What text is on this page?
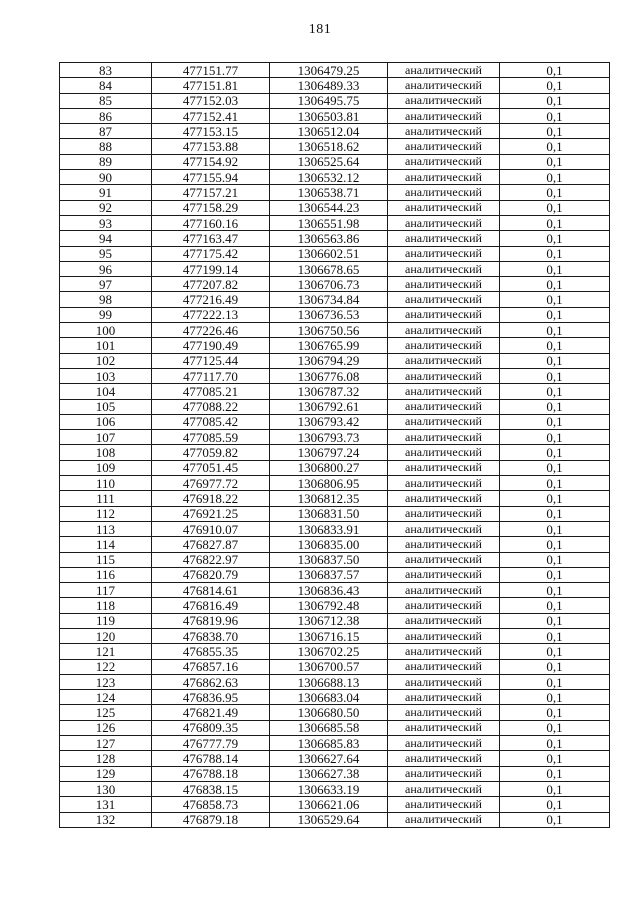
181
83	477151.77	1306479.25	аналитический	0,1
84	477151.81	1306489.33	аналитический	0,1
85	477152.03	1306495.75	аналитический	0,1
86	477152.41	1306503.81	аналитический	0,1
87	477153.15	1306512.04	аналитический	0,1
88	477153.88	1306518.62	аналитический	0,1
89	477154.92	1306525.64	аналитический	0,1
90	477155.94	1306532.12	аналитический	0,1
91	477157.21	1306538.71	аналитический	0,1
92	477158.29	1306544.23	аналитический	0,1
93	477160.16	1306551.98	аналитический	0,1
94	477163.47	1306563.86	аналитический	0,1
95	477175.42	1306602.51	аналитический	0,1
96	477199.14	1306678.65	аналитический	0,1
97	477207.82	1306706.73	аналитический	0,1
98	477216.49	1306734.84	аналитический	0,1
99	477222.13	1306736.53	аналитический	0,1
100	477226.46	1306750.56	аналитический	0,1
101	477190.49	1306765.99	аналитический	0,1
102	477125.44	1306794.29	аналитический	0,1
103	477117.70	1306776.08	аналитический	0,1
104	477085.21	1306787.32	аналитический	0,1
105	477088.22	1306792.61	аналитический	0,1
106	477085.42	1306793.42	аналитический	0,1
107	477085.59	1306793.73	аналитический	0,1
108	477059.82	1306797.24	аналитический	0,1
109	477051.45	1306800.27	аналитический	0,1
110	476977.72	1306806.95	аналитический	0,1
111	476918.22	1306812.35	аналитический	0,1
112	476921.25	1306831.50	аналитический	0,1
113	476910.07	1306833.91	аналитический	0,1
114	476827.87	1306835.00	аналитический	0,1
115	476822.97	1306837.50	аналитический	0,1
116	476820.79	1306837.57	аналитический	0,1
117	476814.61	1306836.43	аналитический	0,1
118	476816.49	1306792.48	аналитический	0,1
119	476819.96	1306712.38	аналитический	0,1
120	476838.70	1306716.15	аналитический	0,1
121	476855.35	1306702.25	аналитический	0,1
122	476857.16	1306700.57	аналитический	0,1
123	476862.63	1306688.13	аналитический	0,1
124	476836.95	1306683.04	аналитический	0,1
125	476821.49	1306680.50	аналитический	0,1
126	476809.35	1306685.58	аналитический	0,1
127	476777.79	1306685.83	аналитический	0,1
128	476788.14	1306627.64	аналитический	0,1
129	476788.18	1306627.38	аналитический	0,1
130	476838.15	1306633.19	аналитический	0,1
131	476858.73	1306621.06	аналитический	0,1
132	476879.18	1306529.64	аналитический	0,1
